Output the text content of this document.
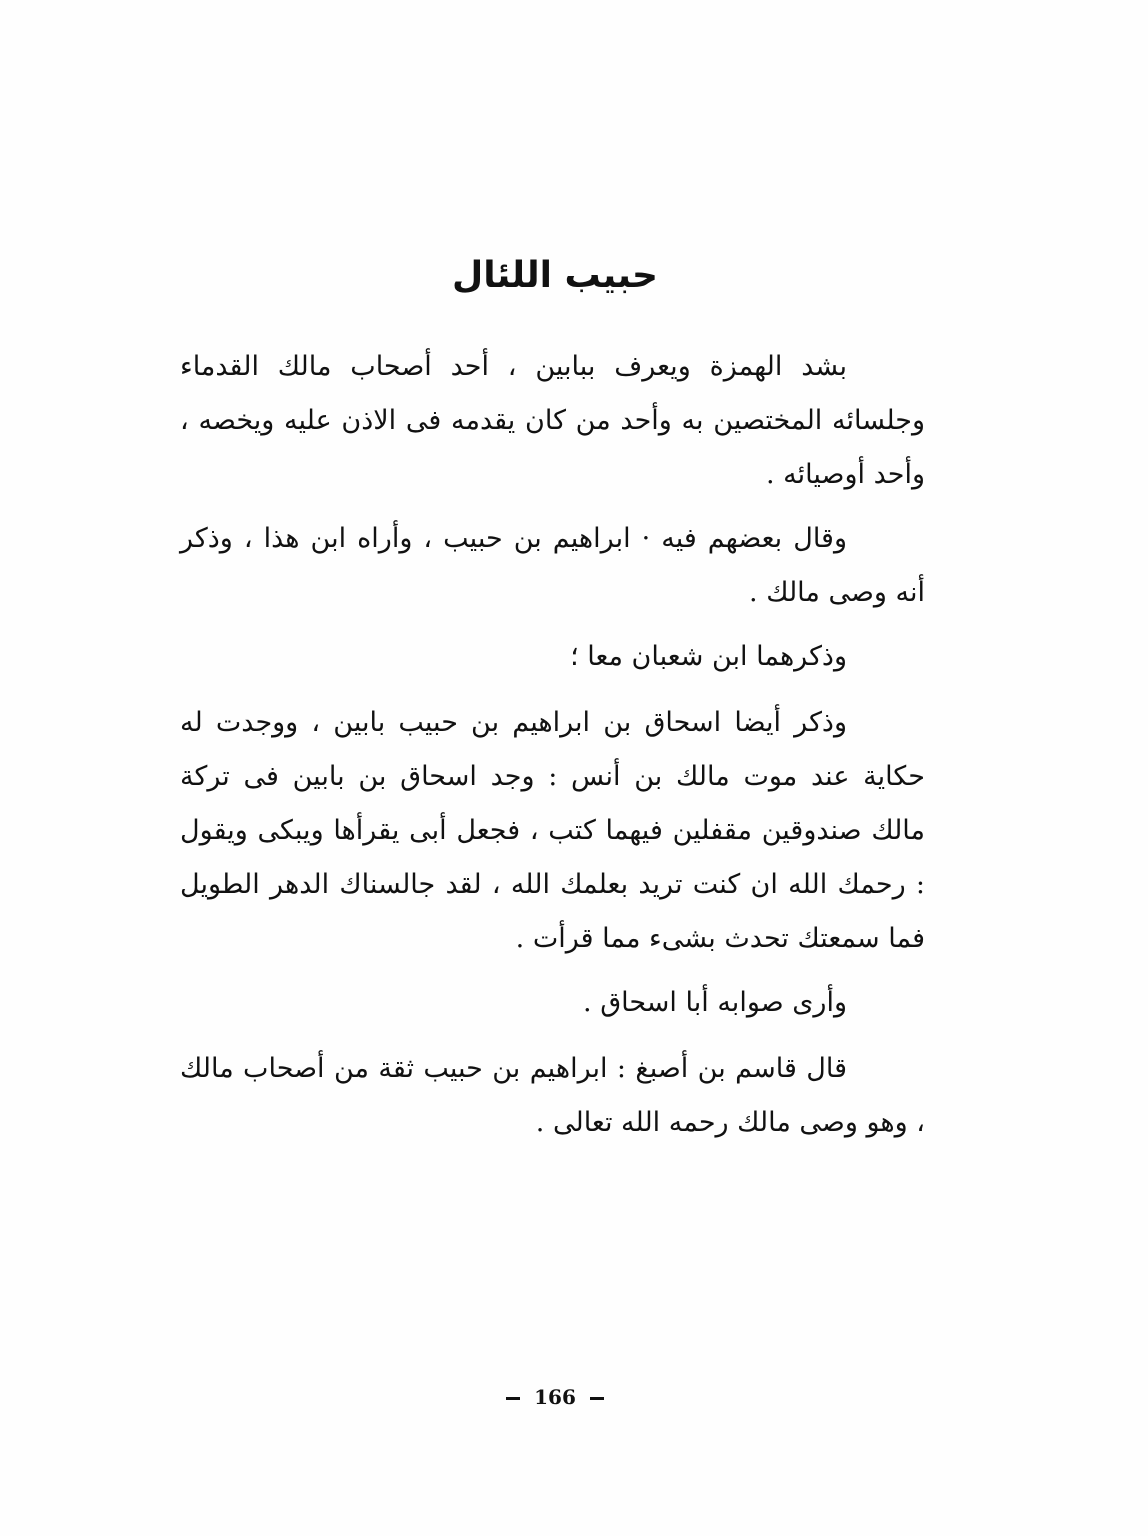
حبيب اللئال

بشد الهمزة ويعرف ببابين ، أحد أصحاب مالك القدماء وجلسائه المختصين به وأحد من كان يقدمه فى الاذن عليه ويخصه ، وأحد أوصيائه .

وقال بعضهم فيه · ابراهيم بن حبيب ، وأراه ابن هذا ، وذكر أنه وصى مالك .

وذكرهما ابن شعبان معا ؛

وذكر أيضا اسحاق بن ابراهيم بن حبيب بابين ، ووجدت له حكاية عند موت مالك بن أنس : وجد اسحاق بن بابين فى تركة مالك صندوقين مقفلين فيهما كتب ، فجعل أبى يقرأها ويبكى ويقول : رحمك الله ان كنت تريد بعلمك الله ، لقد جالسناك الدهر الطويل فما سمعتك تحدث بشىء مما قرأت .

وأرى صوابه أبا اسحاق .

قال قاسم بن أصبغ : ابراهيم بن حبيب ثقة من أصحاب مالك ، وهو وصى مالك رحمه الله تعالى .

166
